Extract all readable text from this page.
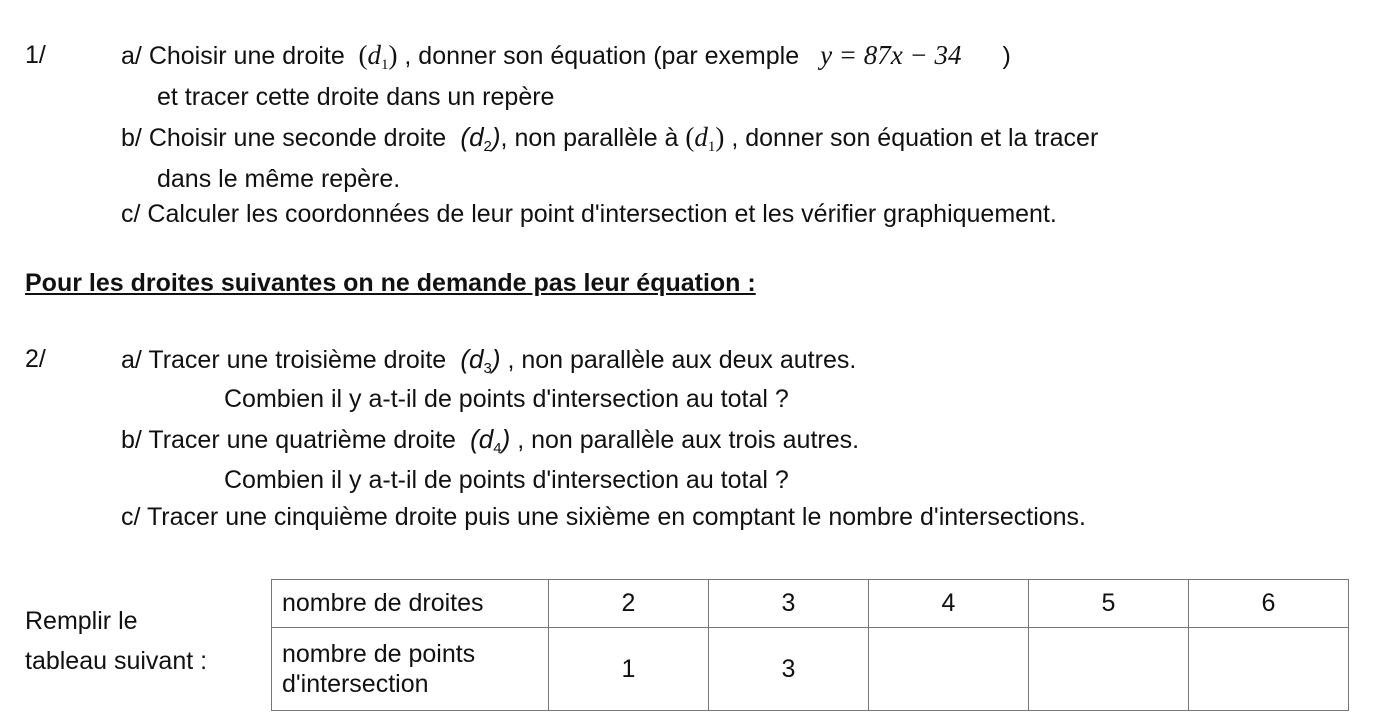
1/	a/ Choisir une droite  $(d_1)$ , donner son équation (par exemple y = 87x − 34 )
et tracer cette droite dans un repère
b/ Choisir une seconde droite  $(d_2)$, non parallèle à $(d_1)$ , donner son équation et la tracer
dans le même repère.
c/ Calculer les coordonnées de leur point d'intersection et les vérifier graphiquement.
Pour les droites suivantes on ne demande pas leur équation :
2/	a/ Tracer une troisième droite  $(d_3)$ , non parallèle aux deux autres.
Combien il y a-t-il de points d'intersection au total ?
b/ Tracer une quatrième droite  $(d_4)$ , non parallèle aux trois autres.
Combien il y a-t-il de points d'intersection au total ?
c/ Tracer une cinquième droite puis une sixième en comptant le nombre d'intersections.
Remplir le
tableau suivant :
nombre de droites	2	3	4	5	6
nombre de points
d'intersection	1	3			
